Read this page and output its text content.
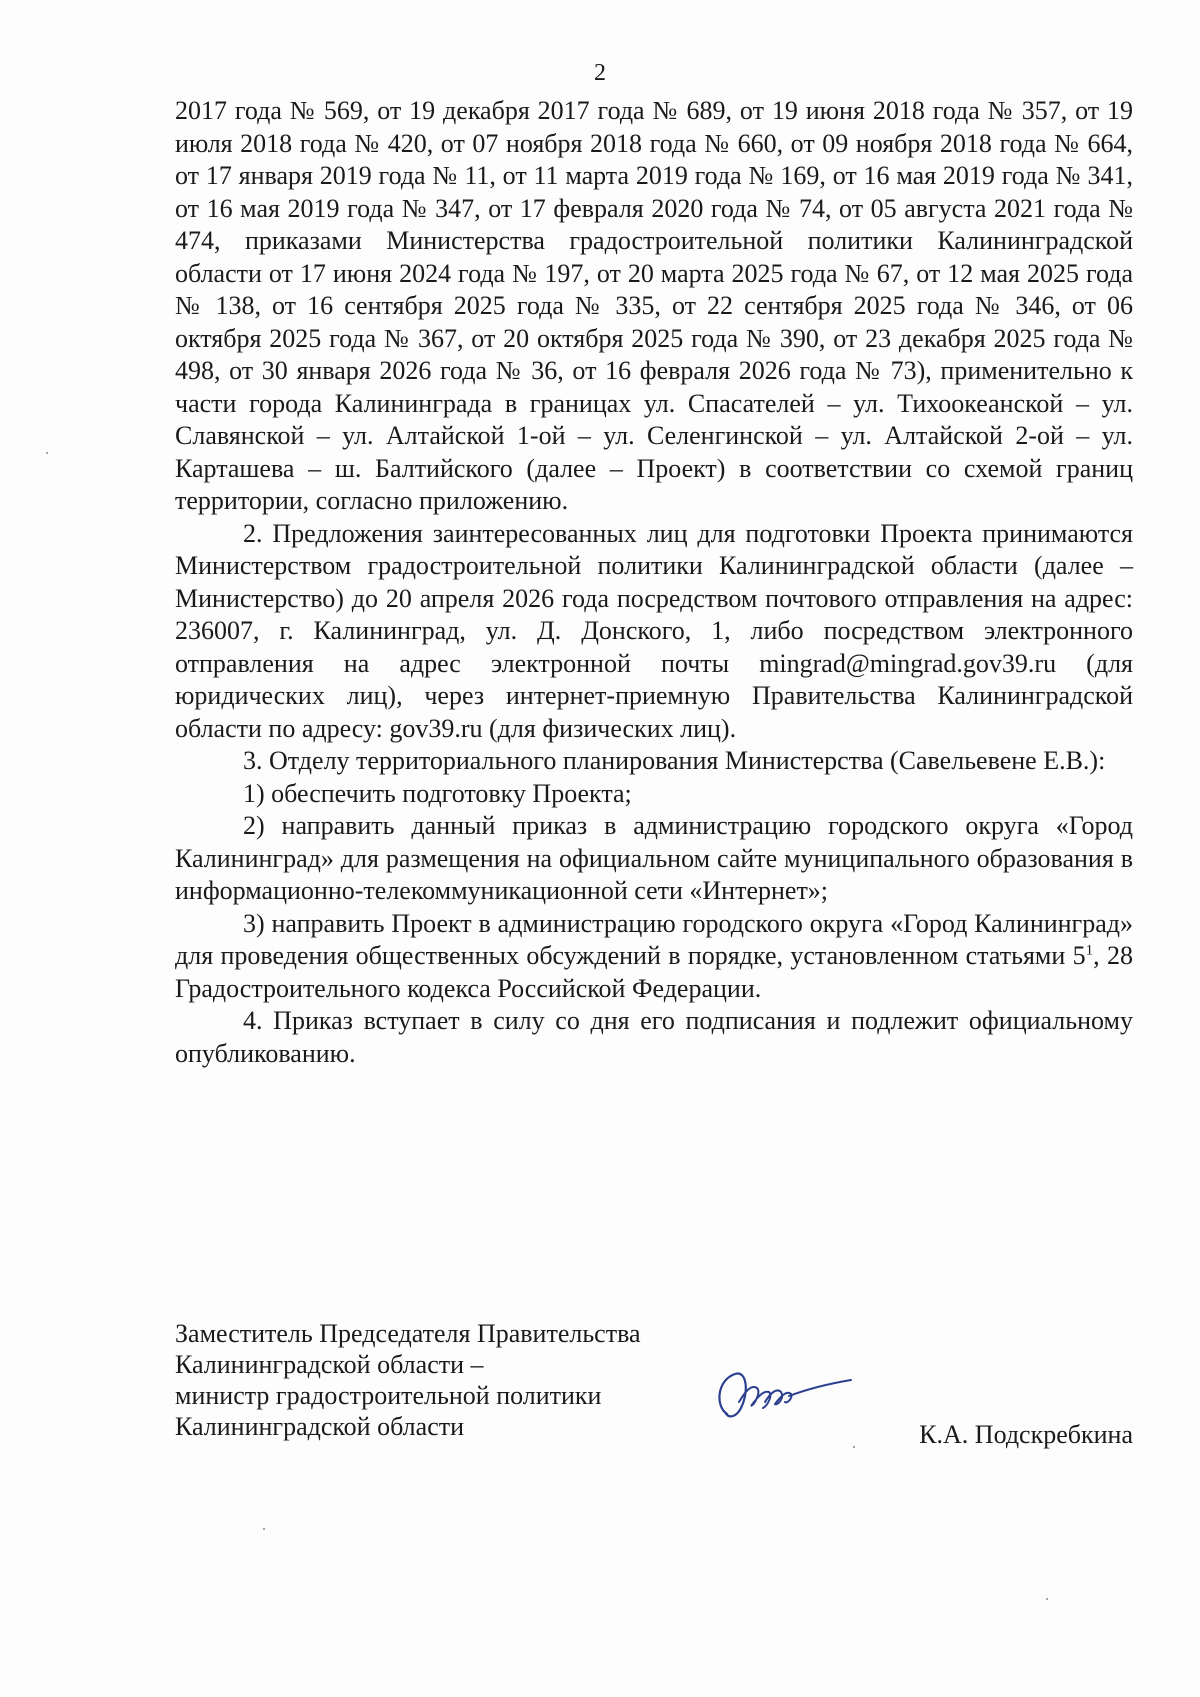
2

2017 года № 569, от 19 декабря 2017 года № 689, от 19 июня 2018 года № 357, от 19 июля 2018 года № 420, от 07 ноября 2018 года № 660, от 09 ноября 2018 года № 664, от 17 января 2019 года № 11, от 11 марта 2019 года № 169, от 16 мая 2019 года № 341, от 16 мая 2019 года № 347, от 17 февраля 2020 года № 74, от 05 августа 2021 года № 474, приказами Министерства градостроительной политики Калининградской области от 17 июня 2024 года № 197, от 20 марта 2025 года № 67, от 12 мая 2025 года № 138, от 16 сентября 2025 года № 335, от 22 сентября 2025 года № 346, от 06 октября 2025 года № 367, от 20 октября 2025 года № 390, от 23 декабря 2025 года № 498, от 30 января 2026 года № 36, от 16 февраля 2026 года № 73), применительно к части города Калининграда в границах ул. Спасателей – ул. Тихоокеанской – ул. Славянской – ул. Алтайской 1-ой – ул. Селенгинской – ул. Алтайской 2-ой – ул. Карташева – ш. Балтийского (далее – Проект) в соответствии со схемой границ территории, согласно приложению.

2. Предложения заинтересованных лиц для подготовки Проекта принимаются Министерством градостроительной политики Калининградской области (далее – Министерство) до 20 апреля 2026 года посредством почтового отправления на адрес: 236007, г. Калининград, ул. Д. Донского, 1, либо посредством электронного отправления на адрес электронной почты mingrad@mingrad.gov39.ru (для юридических лиц), через интернет-приемную Правительства Калининградской области по адресу: gov39.ru (для физических лиц).

3. Отделу территориального планирования Министерства (Савельевене Е.В.):

1) обеспечить подготовку Проекта;

2) направить данный приказ в администрацию городского округа «Город Калининград» для размещения на официальном сайте муниципального образования в информационно-телекоммуникационной сети «Интернет»;

3) направить Проект в администрацию городского округа «Город Калининград» для проведения общественных обсуждений в порядке, установленном статьями $5^1$, 28 Градостроительного кодекса Российской Федерации.

4. Приказ вступает в силу со дня его подписания и подлежит официальному опубликованию.

Заместитель Председателя Правительства
Калининградской области –
министр градостроительной политики
Калининградской области	К.А. Подскребкина
